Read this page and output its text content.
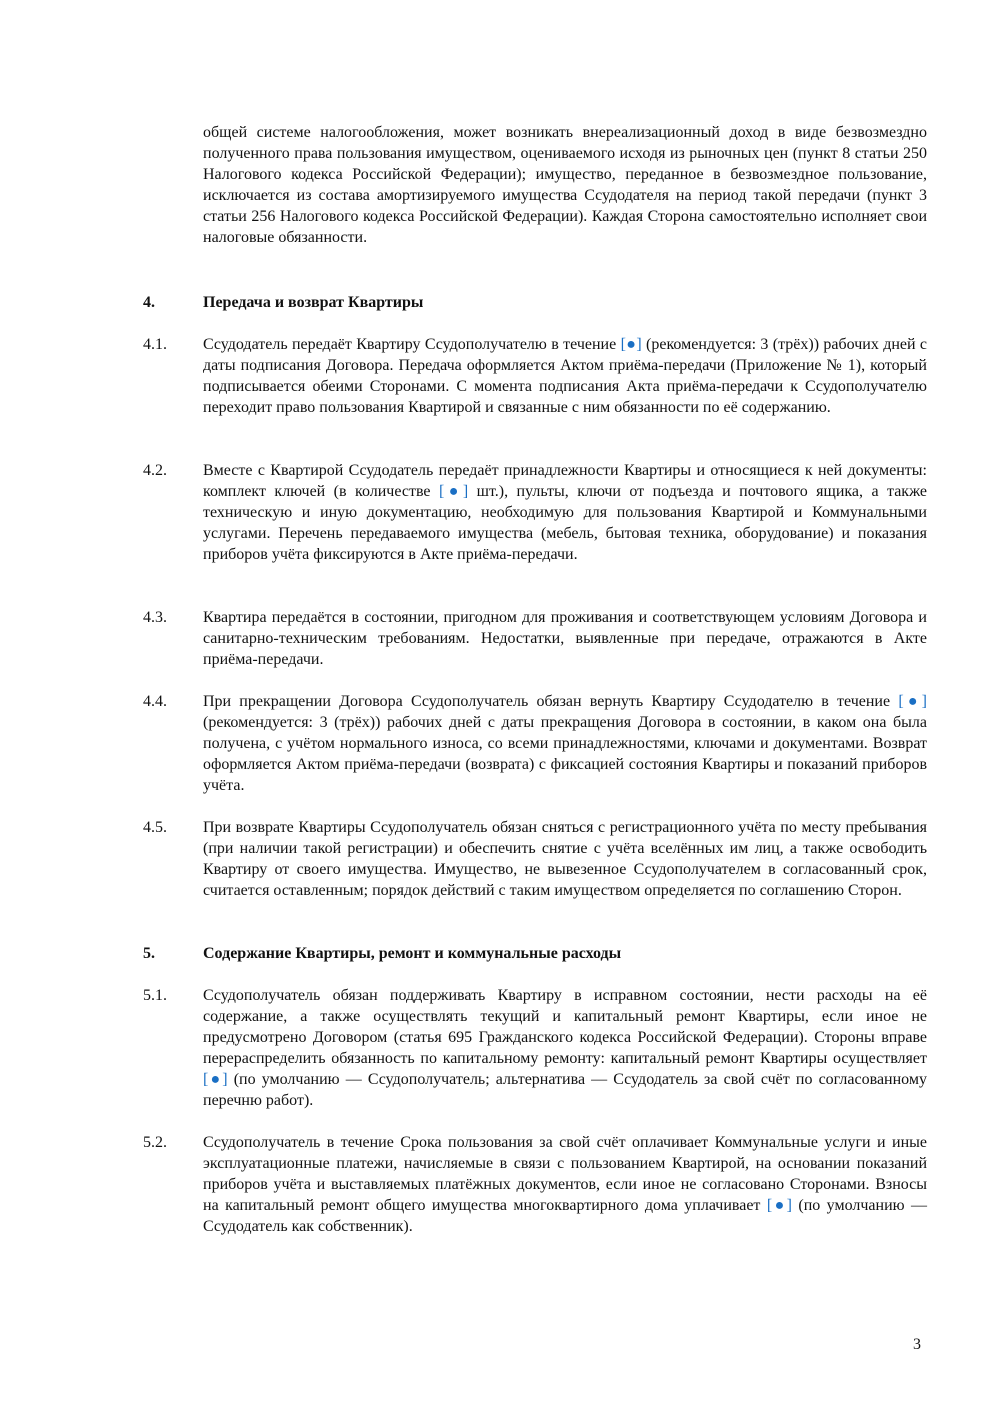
общей системе налогообложения, может возникать внереализационный доход в виде безвозмездно полученного права пользования имуществом, оцениваемого исходя из рыночных цен (пункт 8 статьи 250 Налогового кодекса Российской Федерации); имущество, переданное в безвозмездное пользование, исключается из состава амортизируемого имущества Ссудодателя на период такой передачи (пункт 3 статьи 256 Налогового кодекса Российской Федерации). Каждая Сторона самостоятельно исполняет свои налоговые обязанности.

4.	Передача и возврат Квартиры
4.1. Ссудодатель передаёт Квартиру Ссудополучателю в течение [●] (рекомендуется: 3 (трёх)) рабочих дней с даты подписания Договора. Передача оформляется Актом приёма-передачи (Приложение № 1), который подписывается обеими Сторонами. С момента подписания Акта приёма-передачи к Ссудополучателю переходит право пользования Квартирой и связанные с ним обязанности по её содержанию.

4.2. Вместе с Квартирой Ссудодатель передаёт принадлежности Квартиры и относящиеся к ней документы: комплект ключей (в количестве [●] шт.), пульты, ключи от подъезда и почтового ящика, а также техническую и иную документацию, необходимую для пользования Квартирой и Коммунальными услугами. Перечень передаваемого имущества (мебель, бытовая техника, оборудование) и показания приборов учёта фиксируются в Акте приёма-передачи.

4.3. Квартира передаётся в состоянии, пригодном для проживания и соответствующем условиям Договора и санитарно-техническим требованиям. Недостатки, выявленные при передаче, отражаются в Акте приёма-передачи.

4.4. При прекращении Договора Ссудополучатель обязан вернуть Квартиру Ссудодателю в течение [●] (рекомендуется: 3 (трёх)) рабочих дней с даты прекращения Договора в состоянии, в каком она была получена, с учётом нормального износа, со всеми принадлежностями, ключами и документами. Возврат оформляется Актом приёма-передачи (возврата) с фиксацией состояния Квартиры и показаний приборов учёта.

4.5. При возврате Квартиры Ссудополучатель обязан сняться с регистрационного учёта по месту пребывания (при наличии такой регистрации) и обеспечить снятие с учёта вселённых им лиц, а также освободить Квартиру от своего имущества. Имущество, не вывезенное Ссудополучателем в согласованный срок, считается оставленным; порядок действий с таким имуществом определяется по соглашению Сторон.

5.	Содержание Квартиры, ремонт и коммунальные расходы
5.1. Ссудополучатель обязан поддерживать Квартиру в исправном состоянии, нести расходы на её содержание, а также осуществлять текущий и капитальный ремонт Квартиры, если иное не предусмотрено Договором (статья 695 Гражданского кодекса Российской Федерации). Стороны вправе перераспределить обязанность по капитальному ремонту: капитальный ремонт Квартиры осуществляет [●] (по умолчанию — Ссудополучатель; альтернатива — Ссудодатель за свой счёт по согласованному перечню работ).

5.2. Ссудополучатель в течение Срока пользования за свой счёт оплачивает Коммунальные услуги и иные эксплуатационные платежи, начисляемые в связи с пользованием Квартирой, на основании показаний приборов учёта и выставляемых платёжных документов, если иное не согласовано Сторонами. Взносы на капитальный ремонт общего имущества многоквартирного дома уплачивает [●] (по умолчанию — Ссудодатель как собственник).

3
